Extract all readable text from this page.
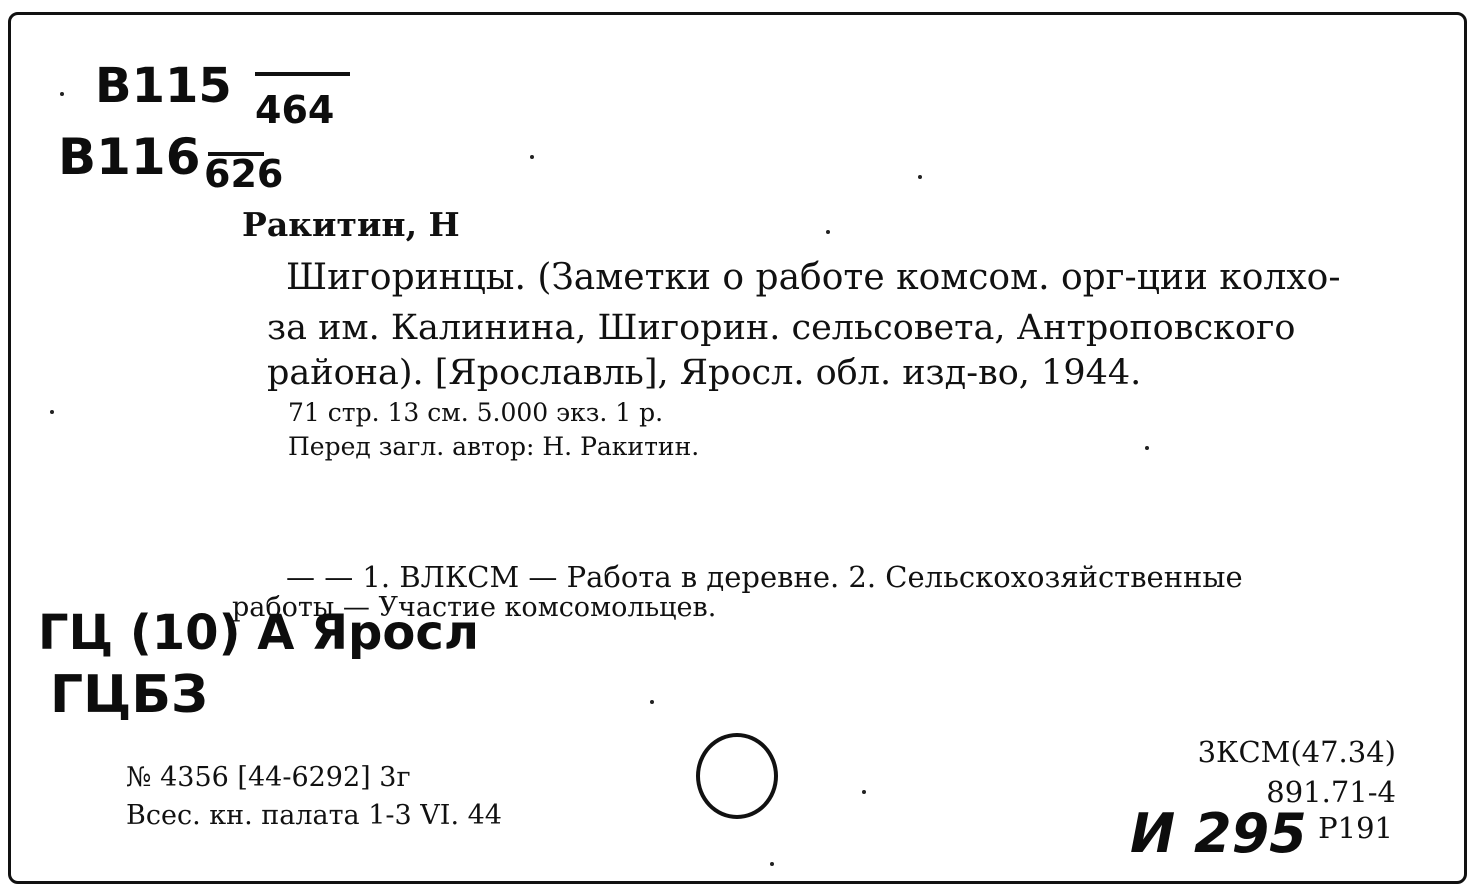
B115 464
B116 626
Ракитин, Н
Шигоринцы. (Заметки о работе комсом. орг-ции колхо-
за им. Калинина, Шигорин. сельсовета, Антроповского
района). [Ярославль], Яросл. обл. изд-во, 1944.
71 стр. 13 см. 5.000 экз. 1 р.
Перед загл. автор: Н. Ракитин.
— — 1. ВЛКСМ — Работа в деревне. 2. Сельскохозяйственные
работы — Участие комсомольцев.
ГЦ (10) А Яросл
ГЦБЗ
№ 4356 [44-6292] 3г
Всес. кн. палата 1-3 VI. 44
3КСМ(47.34)
891.71-4
Р191
И 295
